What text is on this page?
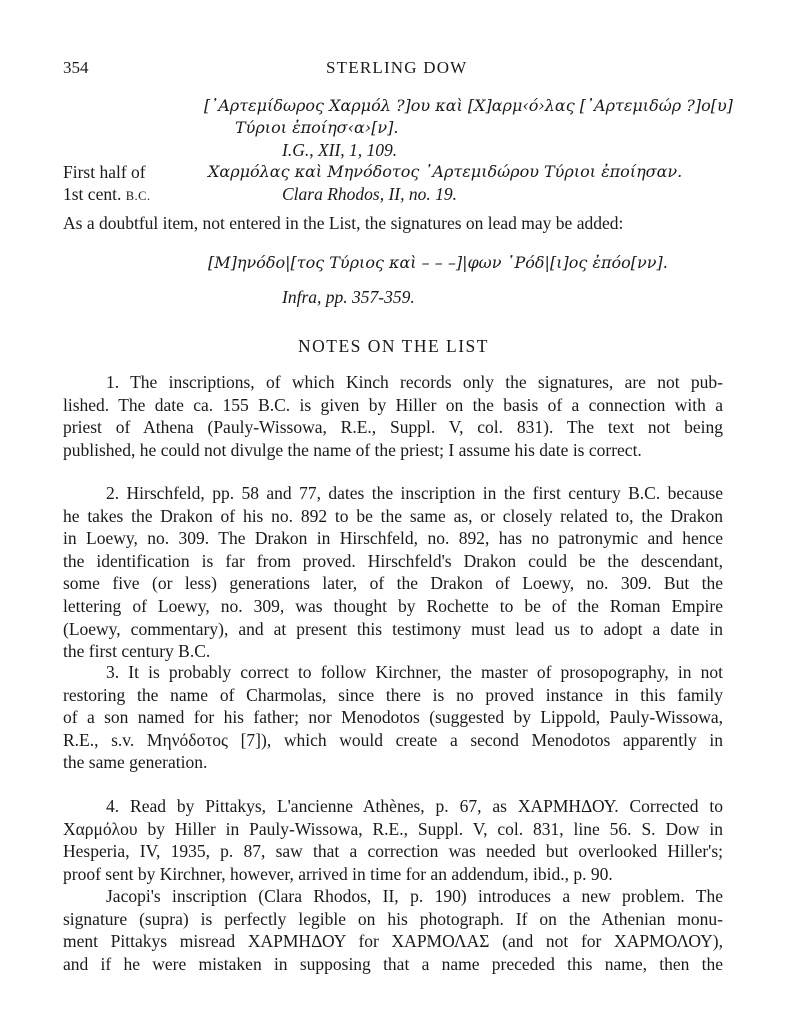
354	STERLING DOW
[᾿Αρτεμίδωρος Χαρμόλ ?]ου καὶ [Χ]αρμ‹ό›λας [᾿Αρτεμιδώρ ?]ο[υ]
Τύριοι ἐποίησ‹α›[ν].
I.G., XII, 1, 109.
First half of
1st cent. B.C.
Χαρμόλας καὶ Μηνόδοτος ᾿Αρτεμιδώρου Τύριοι ἐποίησαν.
Clara Rhodos, II, no. 19.
As a doubtful item, not entered in the List, the signatures on lead may be added:
[Μ]ηνόδο|[τος Τύριος καὶ – – –]|φων ῾Ρόδ|[ι]ος ἐπόο[νν].
Infra, pp. 357-359.
NOTES ON THE LIST
1. The inscriptions, of which Kinch records only the signatures, are not pub-
lished. The date ca. 155 B.C. is given by Hiller on the basis of a connection with a
priest of Athena (Pauly-Wissowa, R.E., Suppl. V, col. 831). The text not being
published, he could not divulge the name of the priest; I assume his date is correct.
2. Hirschfeld, pp. 58 and 77, dates the inscription in the first century B.C. because
he takes the Drakon of his no. 892 to be the same as, or closely related to, the Drakon
in Loewy, no. 309. The Drakon in Hirschfeld, no. 892, has no patronymic and hence
the identification is far from proved. Hirschfeld's Drakon could be the descendant,
some five (or less) generations later, of the Drakon of Loewy, no. 309. But the
lettering of Loewy, no. 309, was thought by Rochette to be of the Roman Empire
(Loewy, commentary), and at present this testimony must lead us to adopt a date in
the first century B.C.
3. It is probably correct to follow Kirchner, the master of prosopography, in not
restoring the name of Charmolas, since there is no proved instance in this family
of a son named for his father; nor Menodotos (suggested by Lippold, Pauly-Wissowa,
R.E., s.v. Μηνόδοτος [7]), which would create a second Menodotos apparently in
the same generation.
4. Read by Pittakys, L'ancienne Athènes, p. 67, as ΧΑΡΜΗΔΟΥ. Corrected to
Χαρμόλου by Hiller in Pauly-Wissowa, R.E., Suppl. V, col. 831, line 56. S. Dow in
Hesperia, IV, 1935, p. 87, saw that a correction was needed but overlooked Hiller's;
proof sent by Kirchner, however, arrived in time for an addendum, ibid., p. 90.
Jacopi's inscription (Clara Rhodos, II, p. 190) introduces a new problem. The
signature (supra) is perfectly legible on his photograph. If on the Athenian monu-
ment Pittakys misread ΧΑΡΜΗΔΟΥ for ΧΑΡΜΟΛΑΣ (and not for ΧΑΡΜΟΛΟΥ),
and if he were mistaken in supposing that a name preceded this name, then the
